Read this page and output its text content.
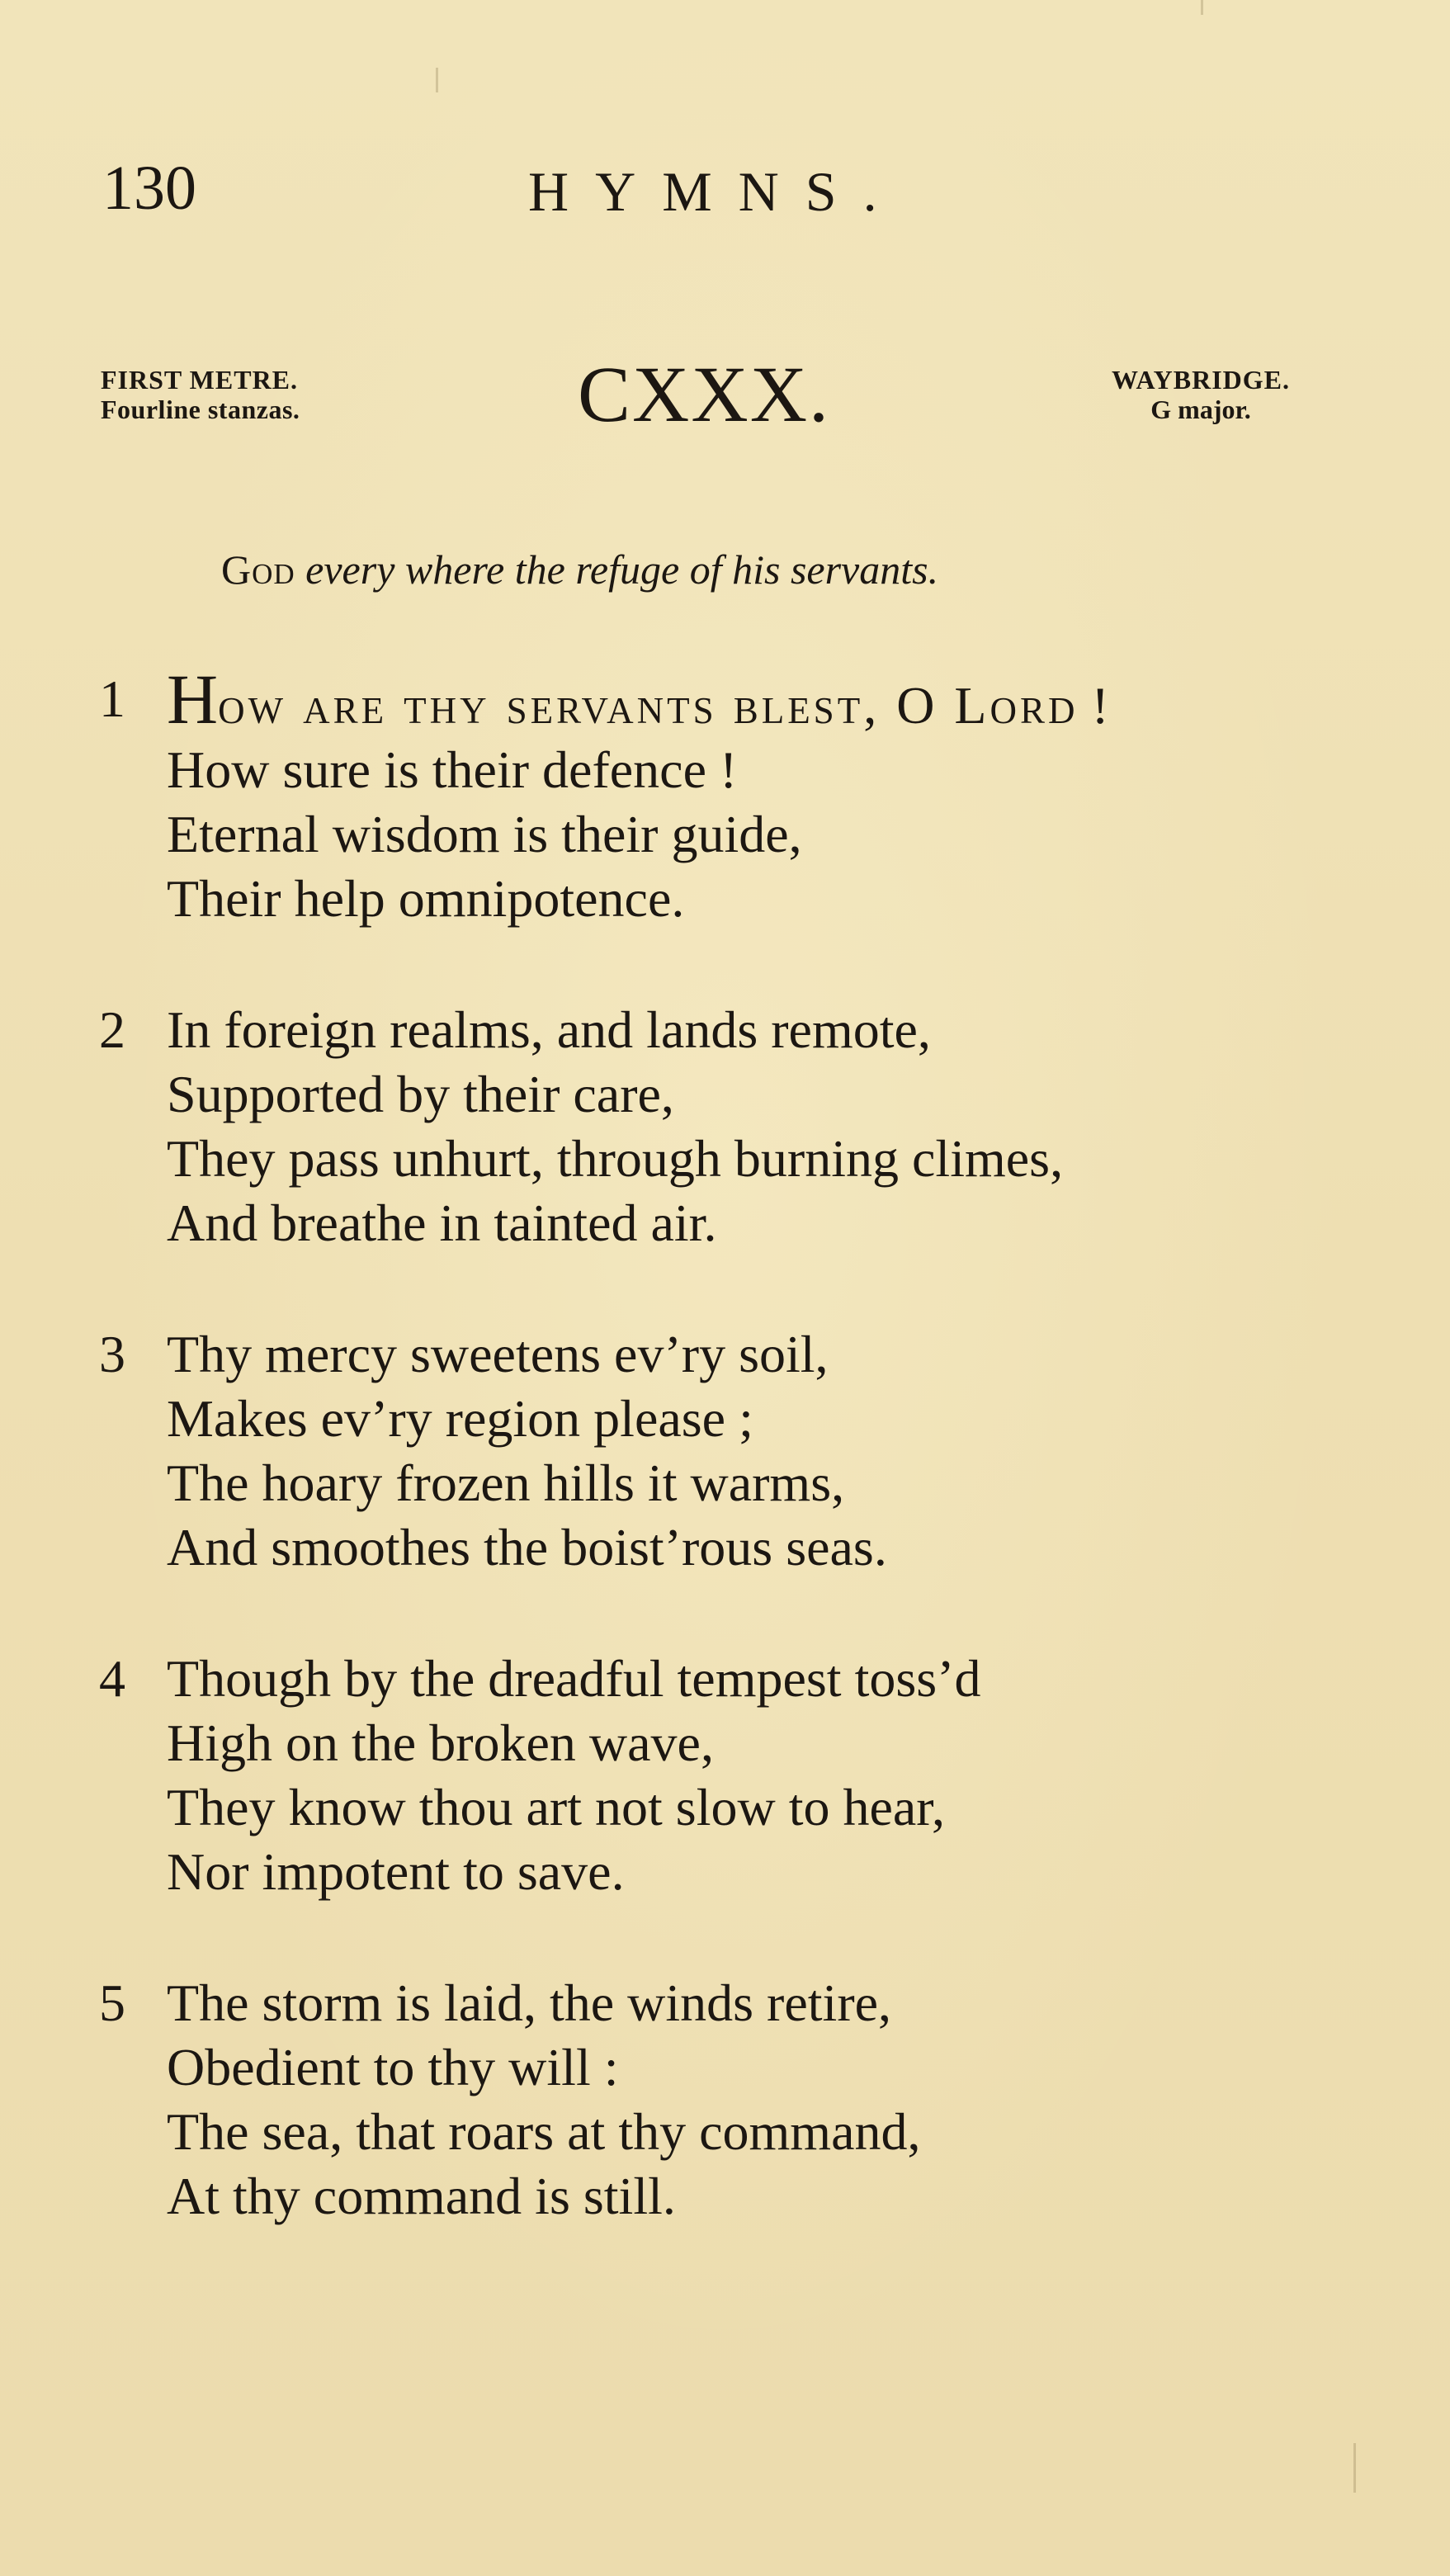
130	HYMNS.
FIRST METRE.
Fourline stanzas.	CXXX.	WAYBRIDGE.
G major.
God every where the refuge of his servants.
1 How are thy servants blest, O Lord !
How sure is their defence !
Eternal wisdom is their guide,
Their help omnipotence.
2 In foreign realms, and lands remote,
Supported by their care,
They pass unhurt, through burning climes,
And breathe in tainted air.
3 Thy mercy sweetens ev’ry soil,
Makes ev’ry region please ;
The hoary frozen hills it warms,
And smoothes the boist’rous seas.
4 Though by the dreadful tempest toss’d
High on the broken wave,
They know thou art not slow to hear,
Nor impotent to save.
5 The storm is laid, the winds retire,
Obedient to thy will :
The sea, that roars at thy command,
At thy command is still.
